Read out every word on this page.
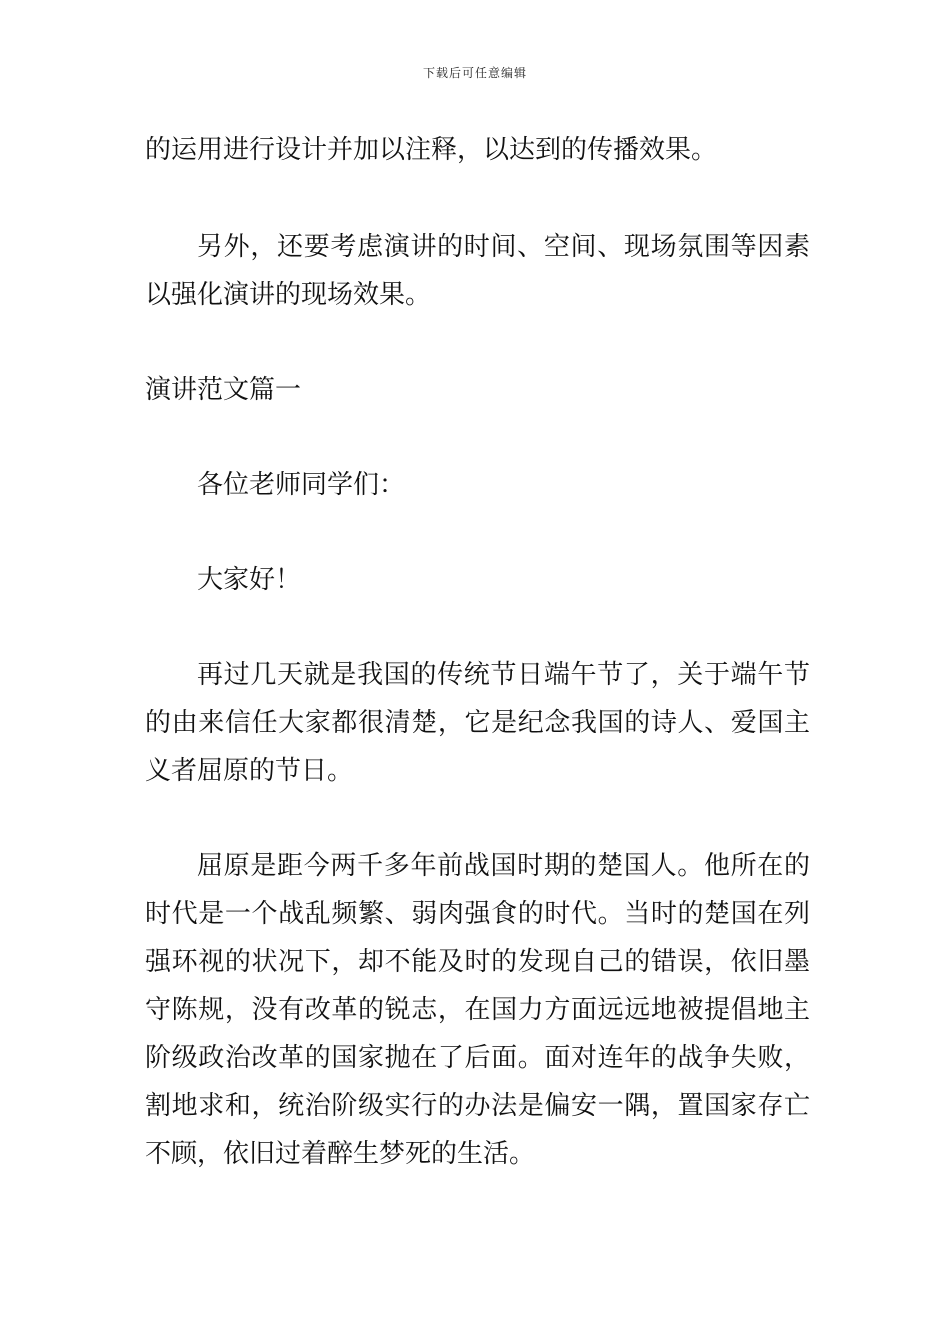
下载后可任意编辑

的运用进行设计并加以注释，以达到的传播效果。

另外，还要考虑演讲的时间、空间、现场氛围等因素以强化演讲的现场效果。

演讲范文篇一

各位老师同学们：

大家好！

再过几天就是我国的传统节日端午节了，关于端午节的由来信任大家都很清楚，它是纪念我国的诗人、爱国主义者屈原的节日。

屈原是距今两千多年前战国时期的楚国人。他所在的时代是一个战乱频繁、弱肉强食的时代。当时的楚国在列强环视的状况下，却不能及时的发现自己的错误，依旧墨守陈规，没有改革的锐志，在国力方面远远地被提倡地主阶级政治改革的国家抛在了后面。面对连年的战争失败，割地求和，统治阶级实行的办法是偏安一隅，置国家存亡不顾，依旧过着醉生梦死的生活。
